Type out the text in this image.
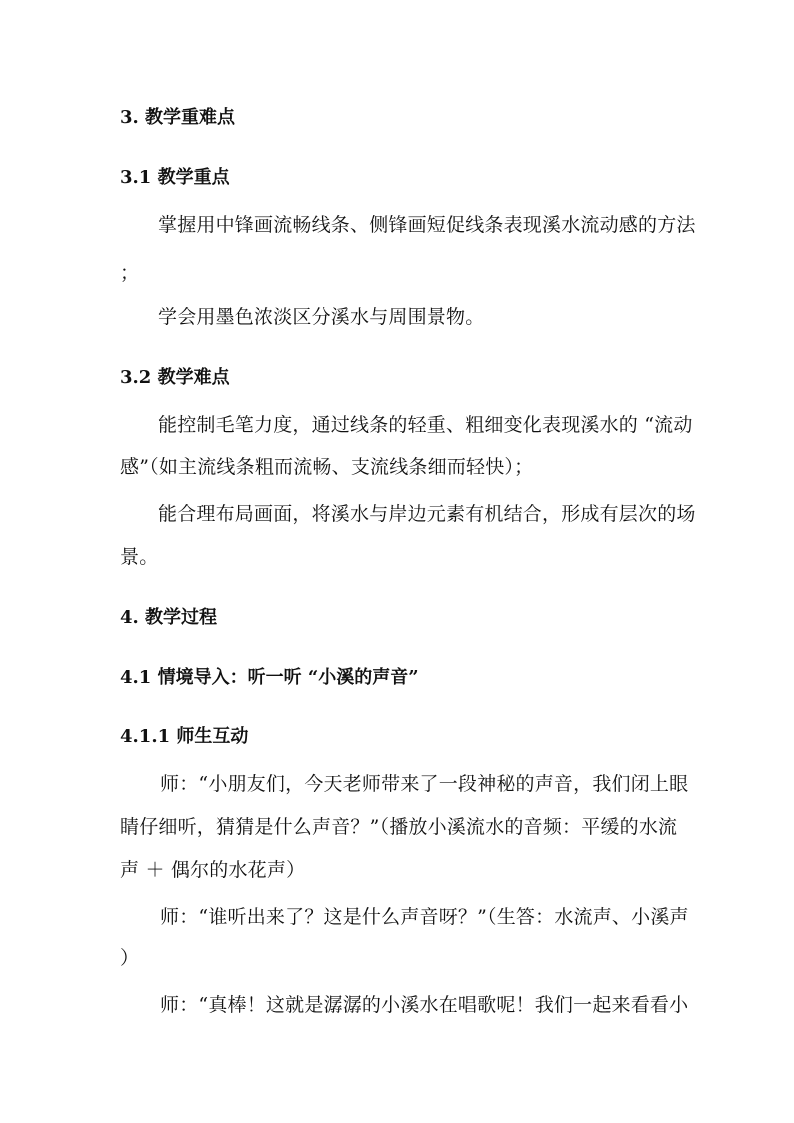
3. 教学重难点
3.1 教学重点
掌握用中锋画流畅线条、侧锋画短促线条表现溪水流动感的方法
；
学会用墨色浓淡区分溪水与周围景物。
3.2 教学难点
能控制毛笔力度，通过线条的轻重、粗细变化表现溪水的 “流动
感”（如主流线条粗而流畅、支流线条细而轻快）；
能合理布局画面，将溪水与岸边元素有机结合，形成有层次的场
景。
4. 教学过程
4.1 情境导入：听一听 “小溪的声音”
4.1.1 师生互动
师：“小朋友们，今天老师带来了一段神秘的声音，我们闭上眼
睛仔细听，猜猜是什么声音？”（播放小溪流水的音频：平缓的水流
声 ＋ 偶尔的水花声）
师：“谁听出来了？这是什么声音呀？”（生答：水流声、小溪声
）
师：“真棒！这就是潺潺的小溪水在唱歌呢！我们一起来看看小
